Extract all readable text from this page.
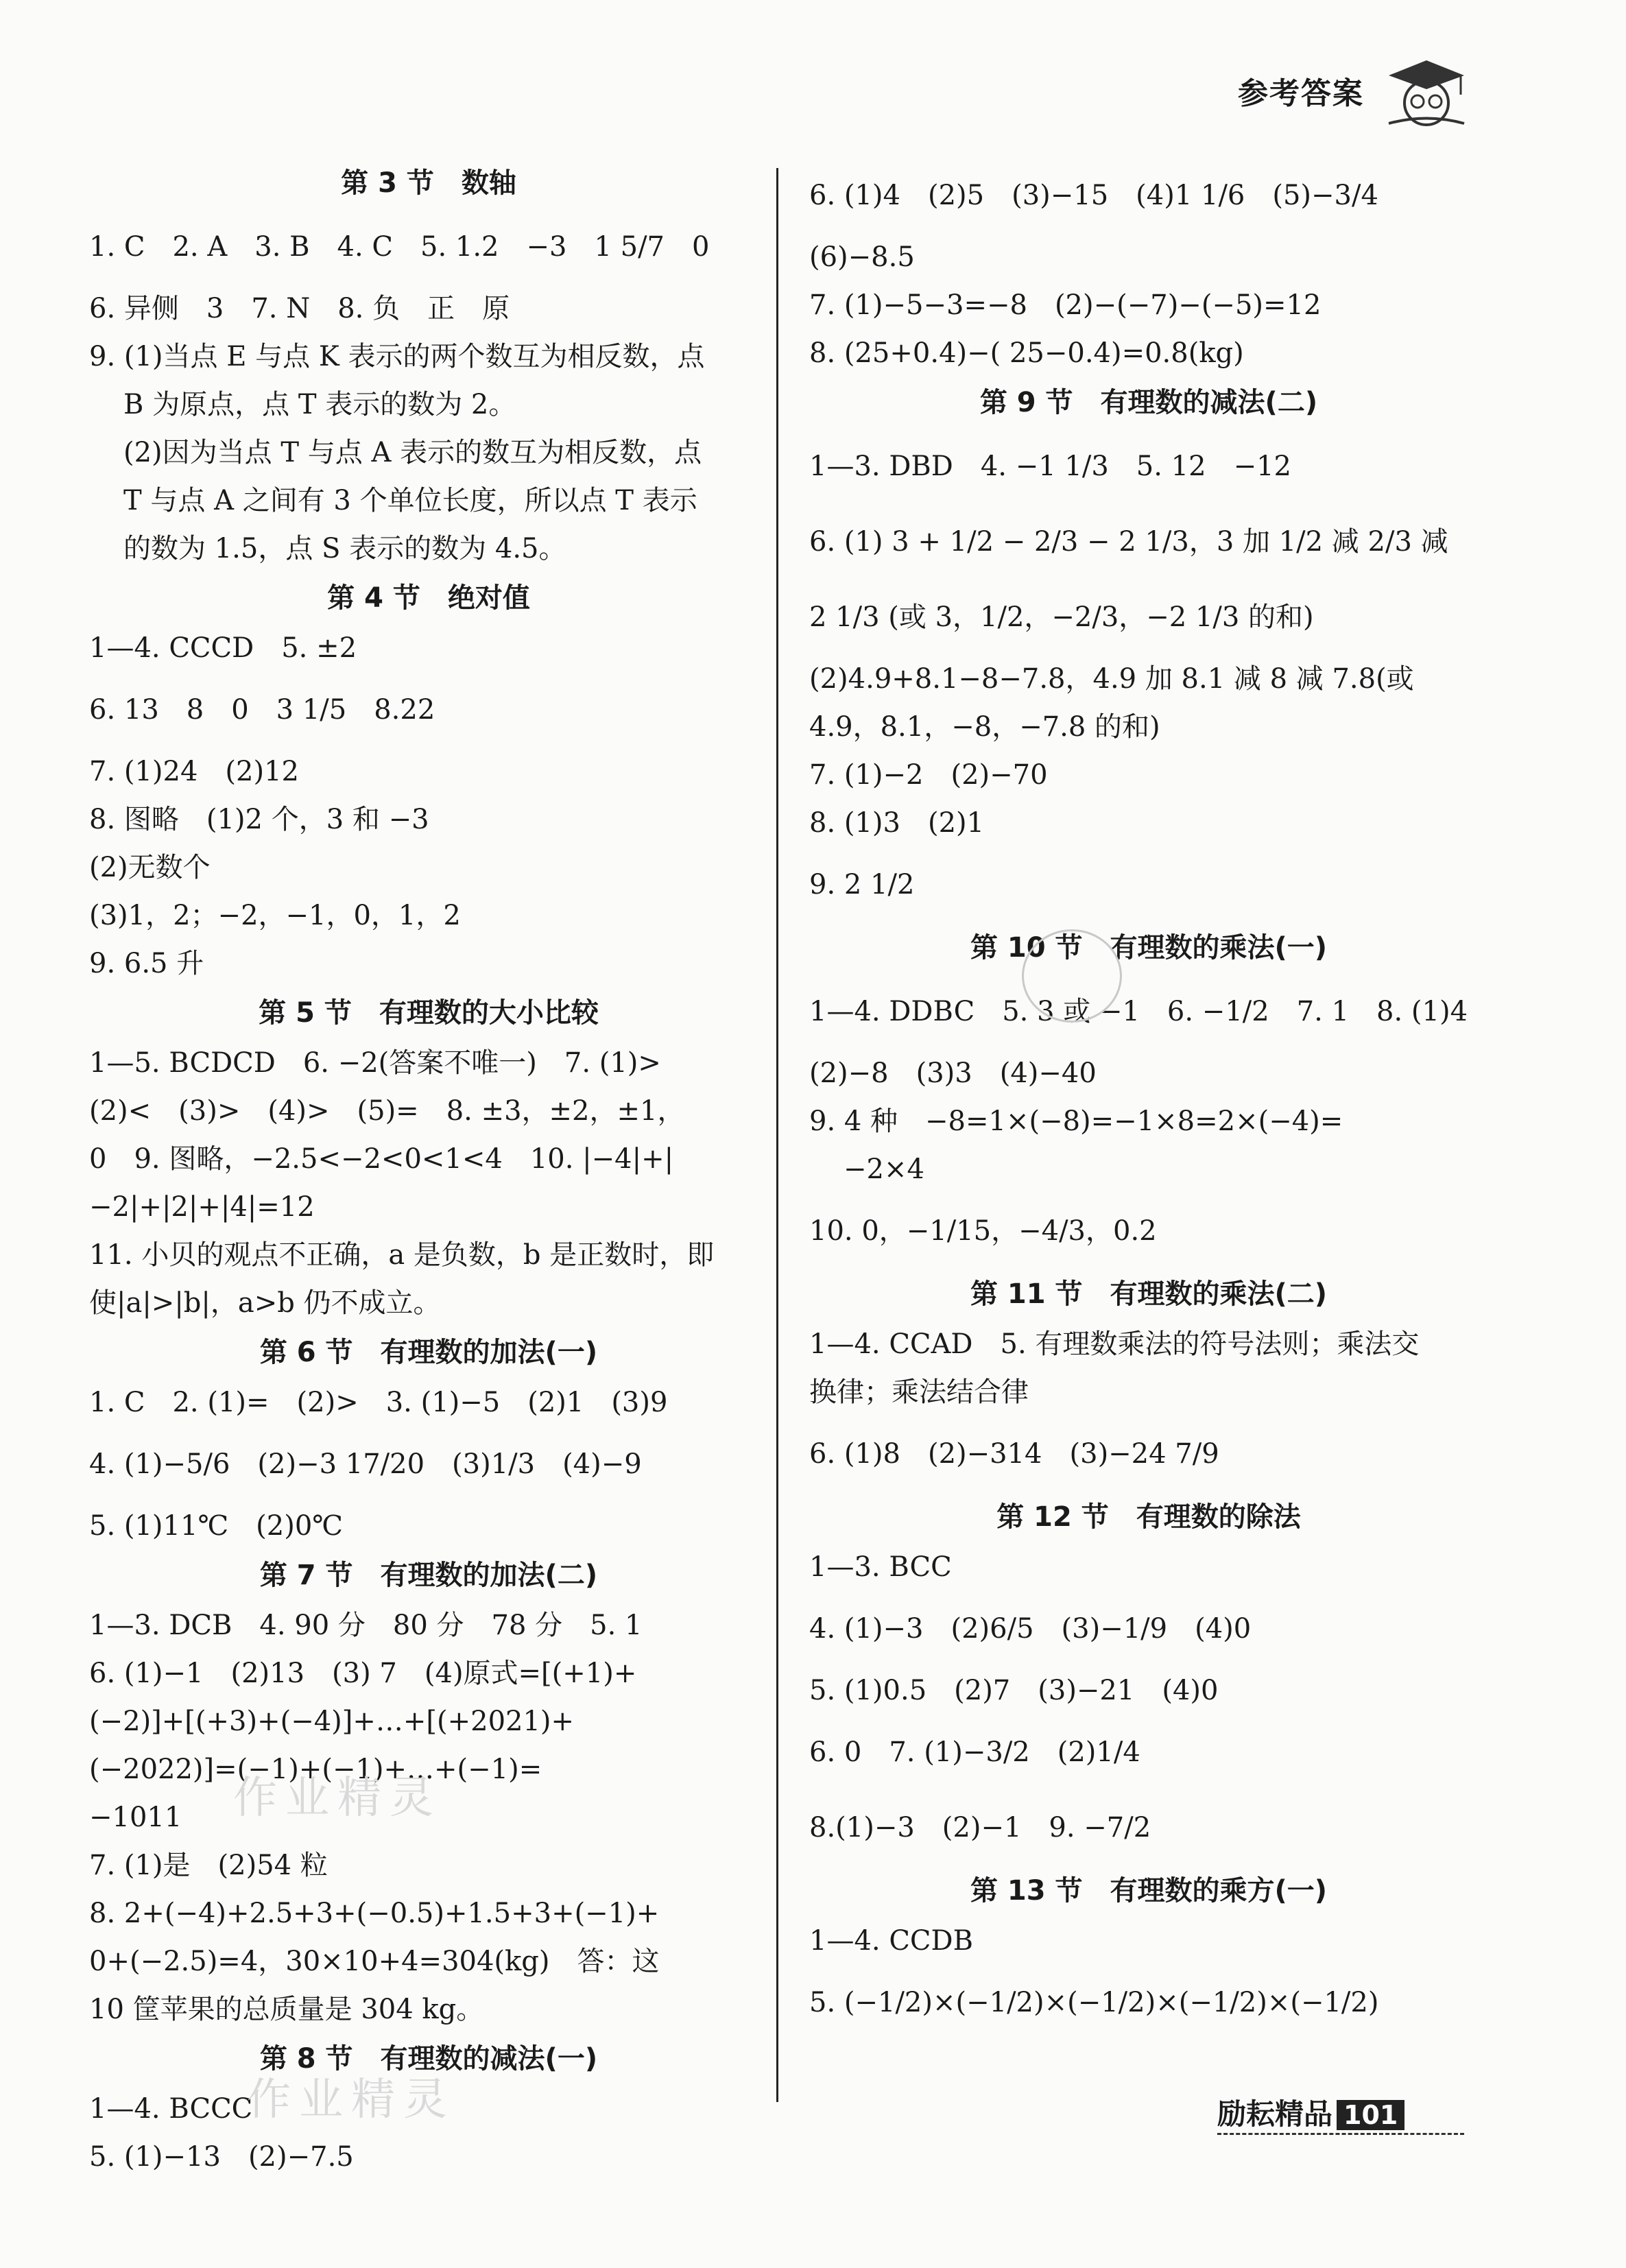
参考答案
第 3 节　数轴
1. C　2. A　3. B　4. C　5. 1.2　−3　1 5/7　0
6. 异侧　3　7. N　8. 负　正　原
9. (1)当点 E 与点 K 表示的两个数互为相反数，点
B 为原点，点 T 表示的数为 2。
(2)因为当点 T 与点 A 表示的数互为相反数，点
T 与点 A 之间有 3 个单位长度，所以点 T 表示
的数为 1.5，点 S 表示的数为 4.5。
第 4 节　绝对值
1—4. CCCD　5. ±2
6. 13　8　0　3 1/5　8.22
7. (1)24　(2)12
8. 图略　(1)2 个，3 和 −3
(2)无数个
(3)1，2；−2，−1，0，1，2
9. 6.5 升
第 5 节　有理数的大小比较
1—5. BCDCD　6. −2(答案不唯一)　7. (1)>
(2)<　(3)>　(4)>　(5)=　8. ±3，±2，±1，
0　9. 图略，−2.5<−2<0<1<4　10. |−4|+|
−2|+|2|+|4|=12
11. 小贝的观点不正确，a 是负数，b 是正数时，即
使|a|>|b|，a>b 仍不成立。
第 6 节　有理数的加法(一)
1. C　2. (1)=　(2)>　3. (1)−5　(2)1　(3)9
4. (1)−5/6　(2)−3 17/20　(3)1/3　(4)−9
5. (1)11℃　(2)0℃
第 7 节　有理数的加法(二)
1—3. DCB　4. 90 分　80 分　78 分　5. 1
6. (1)−1　(2)13　(3) 7　(4)原式=[(+1)+
(−2)]+[(+3)+(−4)]+…+[(+2021)+
(−2022)]=(−1)+(−1)+…+(−1)=
−1011
7. (1)是　(2)54 粒
8. 2+(−4)+2.5+3+(−0.5)+1.5+3+(−1)+
0+(−2.5)=4，30×10+4=304(kg)　答：这
10 筐苹果的总质量是 304 kg。
第 8 节　有理数的减法(一)
1—4. BCCC
5. (1)−13　(2)−7.5
6. (1)4　(2)5　(3)−15　(4)1 1/6　(5)−3/4
(6)−8.5
7. (1)−5−3=−8　(2)−(−7)−(−5)=12
8. (25+0.4)−( 25−0.4)=0.8(kg)
第 9 节　有理数的减法(二)
1—3. DBD　4. −1 1/3　5. 12　−12
6. (1) 3 + 1/2 − 2/3 − 2 1/3，3 加 1/2 减 2/3 减
2 1/3 (或 3，1/2，−2/3，−2 1/3 的和)
(2)4.9+8.1−8−7.8，4.9 加 8.1 减 8 减 7.8(或
4.9，8.1，−8，−7.8 的和)
7. (1)−2　(2)−70
8. (1)3　(2)1
9. 2 1/2
第 10 节　有理数的乘法(一)
1—4. DDBC　5. 3 或 −1　6. −1/2　7. 1　8. (1)4
(2)−8　(3)3　(4)−40
9. 4 种　−8=1×(−8)=−1×8=2×(−4)=
−2×4
10. 0，−1/15，−4/3，0.2
第 11 节　有理数的乘法(二)
1—4. CCAD　5. 有理数乘法的符号法则；乘法交
换律；乘法结合律
6. (1)8　(2)−314　(3)−24 7/9
第 12 节　有理数的除法
1—3. BCC
4. (1)−3　(2)6/5　(3)−1/9　(4)0
5. (1)0.5　(2)7　(3)−21　(4)0
6. 0　7. (1)−3/2　(2)1/4
8.(1)−3　(2)−1　9. −7/2
第 13 节　有理数的乘方(一)
1—4. CCDB
5. (−1/2)×(−1/2)×(−1/2)×(−1/2)×(−1/2)
作业精灵
作业精灵	励耘精品 101
